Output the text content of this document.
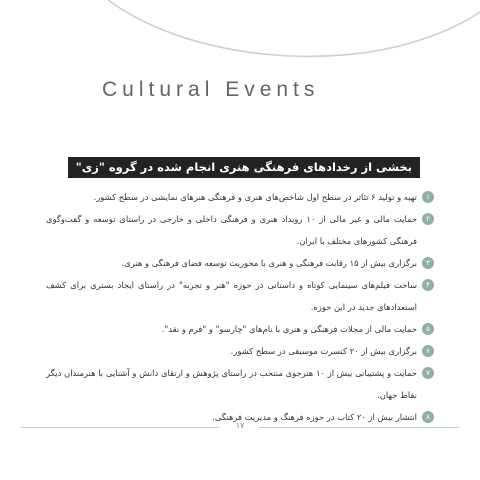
Cultural Events
بخشی از رخدادهای فرهنگی هنری انجام شده در گروه "زی"
۱
تهیه و تولید ۶ تئاتر در سطح اول شاخص‌های هنری و فرهنگی هنرهای نمایشی در سطح کشور.
۲
حمایت مالی و غیر مالی از ۱۰ رویداد هنری و فرهنگی داخلی و خارجی در راستای توسعه و گفت‌وگوی فرهنگی کشورهای مختلف با ایران.
۳
برگزاری بیش از ۱۵ رقابت فرهنگی و هنری با محوریت توسعه فضای فرهنگی و هنری.
۴
ساخت فیلم‌های سینمایی کوتاه و داستانی در حوزه "هنر و تجربه" در راستای ایجاد بستری برای کشف استعدادهای جدید در این حوزه.
۵
حمایت مالی از مجلات فرهنگی و هنری با نام‌های "چارسو" و "فرم و نقد".
۶
برگزاری بیش از ۲۰ کنسرت موسیقی در سطح کشور.
۷
حمایت و پشتیبانی بیش از ۱۰ هنرجوی منتخب در راستای پژوهش و ارتقای دانش و آشنایی با هنرمندان دیگر نقاط جهان.
۸
انتشار بیش از ۲۰ کتاب در حوزه فرهنگ و مدیریت فرهنگی.
۱۷
